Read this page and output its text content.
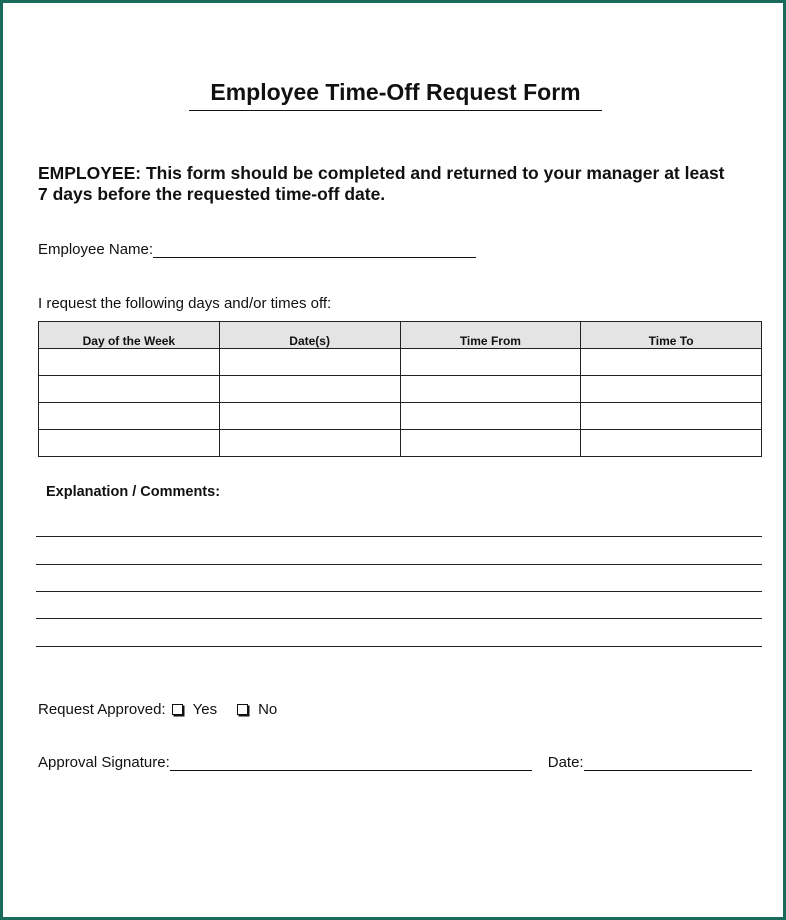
Employee Time-Off Request Form
EMPLOYEE: This form should be completed and returned to your manager at least 7 days before the requested time-off date.
Employee Name:
I request the following days and/or times off:
Day of the Week	Date(s)	Time From	Time To

Explanation / Comments:
Request Approved: Yes	No
Approval Signature:	Date:
